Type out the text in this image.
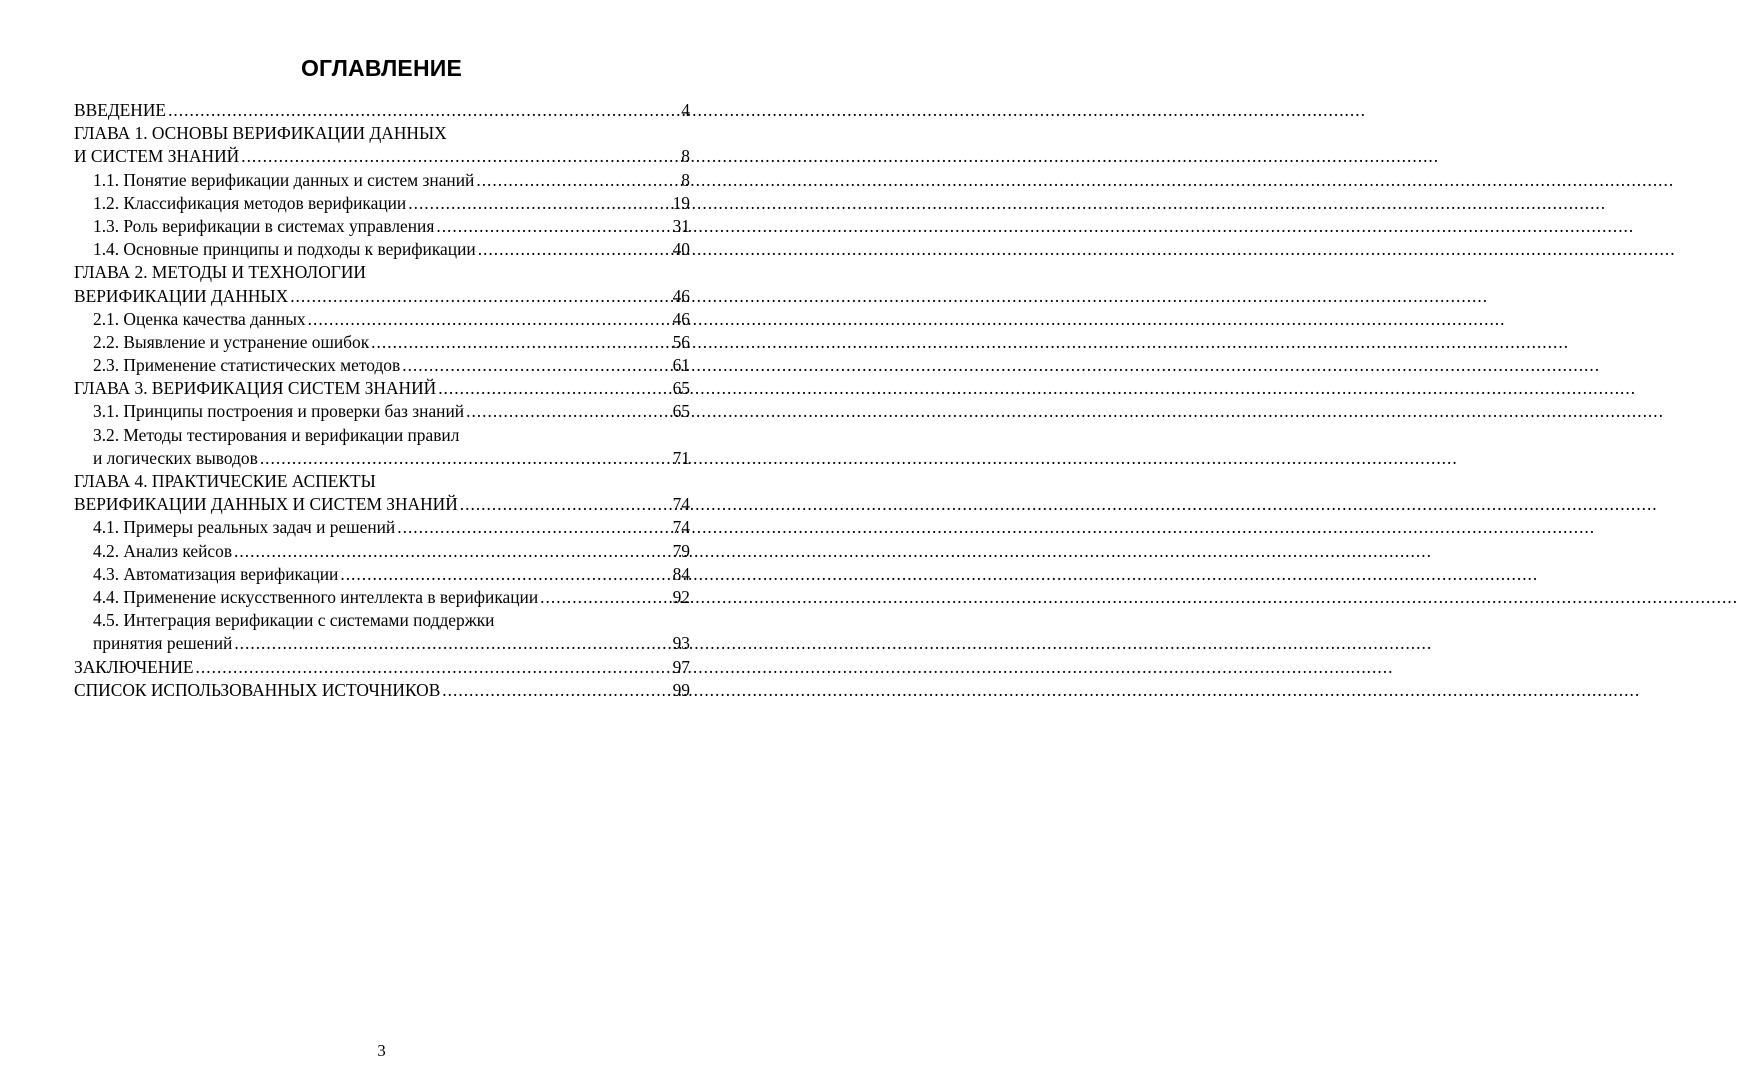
ОГЛАВЛЕНИЕ
ВВЕДЕНИЕ .....	4
ГЛАВА 1. ОСНОВЫ ВЕРИФИКАЦИИ ДАННЫХ
И СИСТЕМ ЗНАНИЙ .....	8
1.1. Понятие верификации данных и систем знаний .....	8
1.2. Классификация методов верификации .....	19
1.3. Роль верификации в системах управления .....	31
1.4. Основные принципы и подходы к верификации .....	40
ГЛАВА 2. МЕТОДЫ И ТЕХНОЛОГИИ
ВЕРИФИКАЦИИ ДАННЫХ .....	46
2.1. Оценка качества данных .....	46
2.2. Выявление и устранение ошибок .....	56
2.3. Применение статистических методов .....	61
ГЛАВА 3. ВЕРИФИКАЦИЯ СИСТЕМ ЗНАНИЙ .....	65
3.1. Принципы построения и проверки баз знаний .....	65
3.2. Методы тестирования и верификации правил
и логических выводов .....	71
ГЛАВА 4. ПРАКТИЧЕСКИЕ АСПЕКТЫ
ВЕРИФИКАЦИИ ДАННЫХ И СИСТЕМ ЗНАНИЙ .....	74
4.1. Примеры реальных задач и решений .....	74
4.2. Анализ кейсов .....	79
4.3. Автоматизация верификации .....	84
4.4. Применение искусственного интеллекта в верификации .....	92
4.5. Интеграция верификации с системами поддержки
принятия решений .....	93
ЗАКЛЮЧЕНИЕ .....	97
СПИСОК ИСПОЛЬЗОВАННЫХ ИСТОЧНИКОВ .....	99
3
